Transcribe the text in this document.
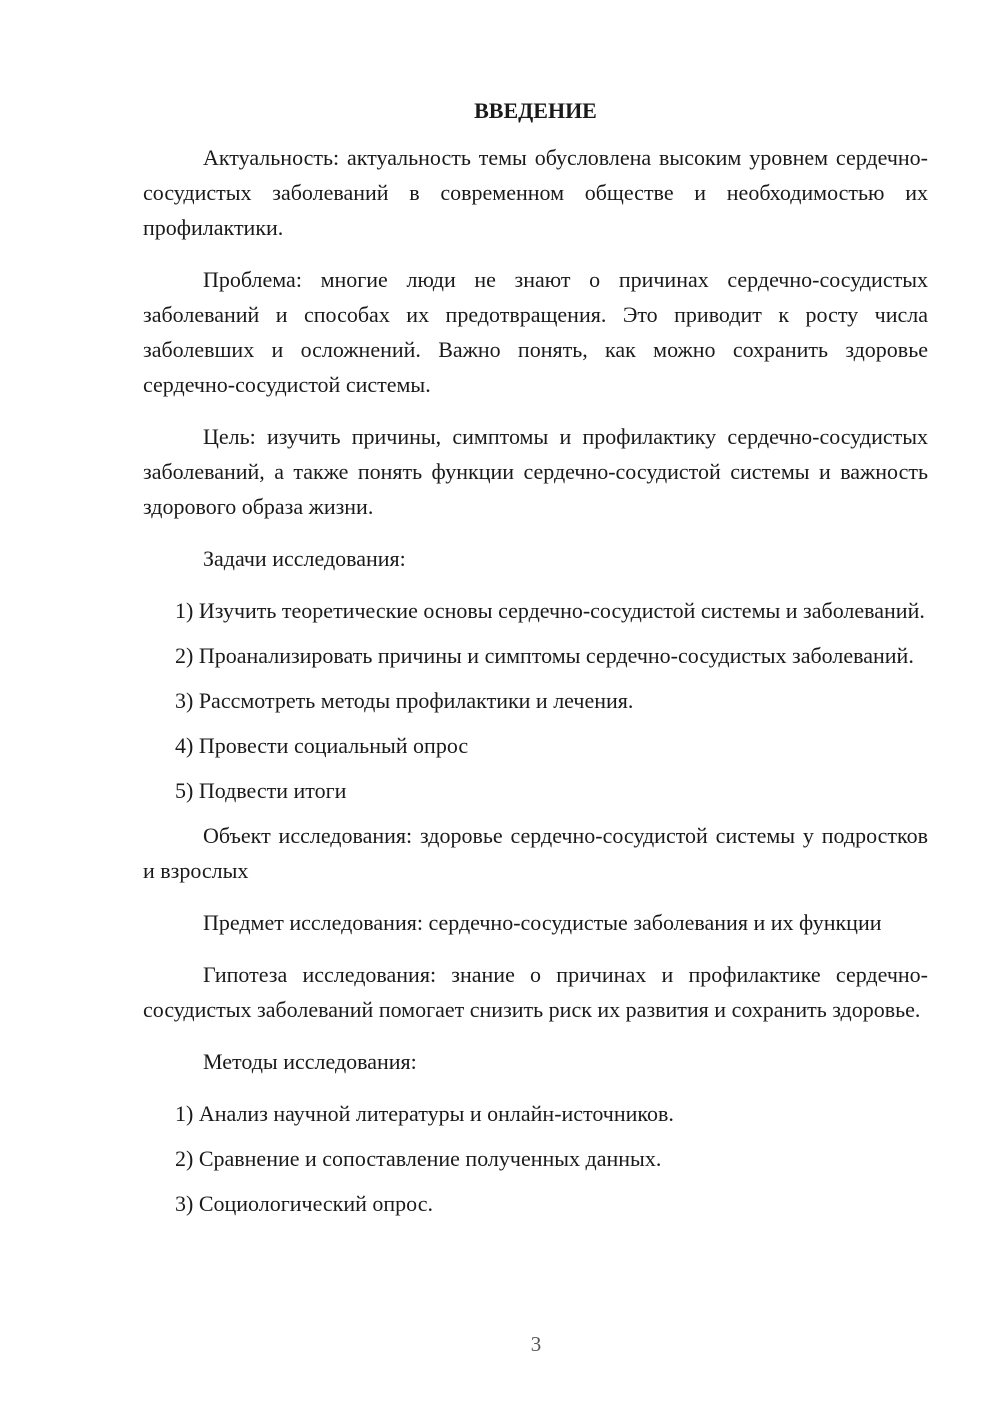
ВВЕДЕНИЕ

Актуальность: актуальность темы обусловлена высоким уровнем сердечно-сосудистых заболеваний в современном обществе и необходимостью их профилактики.

Проблема: многие люди не знают о причинах сердечно-сосудистых заболеваний и способах их предотвращения. Это приводит к росту числа заболевших и осложнений. Важно понять, как можно сохранить здоровье сердечно-сосудистой системы.

Цель: изучить причины, симптомы и профилактику сердечно-сосудистых заболеваний, а также понять функции сердечно-сосудистой системы и важность здорового образа жизни.

Задачи исследования:

1) Изучить теоретические основы сердечно-сосудистой системы и заболеваний.

2) Проанализировать причины и симптомы сердечно-сосудистых заболеваний.

3) Рассмотреть методы профилактики и лечения.

4) Провести социальный опрос

5) Подвести итоги

Объект исследования: здоровье сердечно-сосудистой системы у подростков и взрослых

Предмет исследования: сердечно-сосудистые заболевания и их функции

Гипотеза исследования: знание о причинах и профилактике сердечно-сосудистых заболеваний помогает снизить риск их развития и сохранить здоровье.

Методы исследования:

1) Анализ научной литературы и онлайн-источников.

2) Сравнение и сопоставление полученных данных.

3) Социологический опрос.

3
